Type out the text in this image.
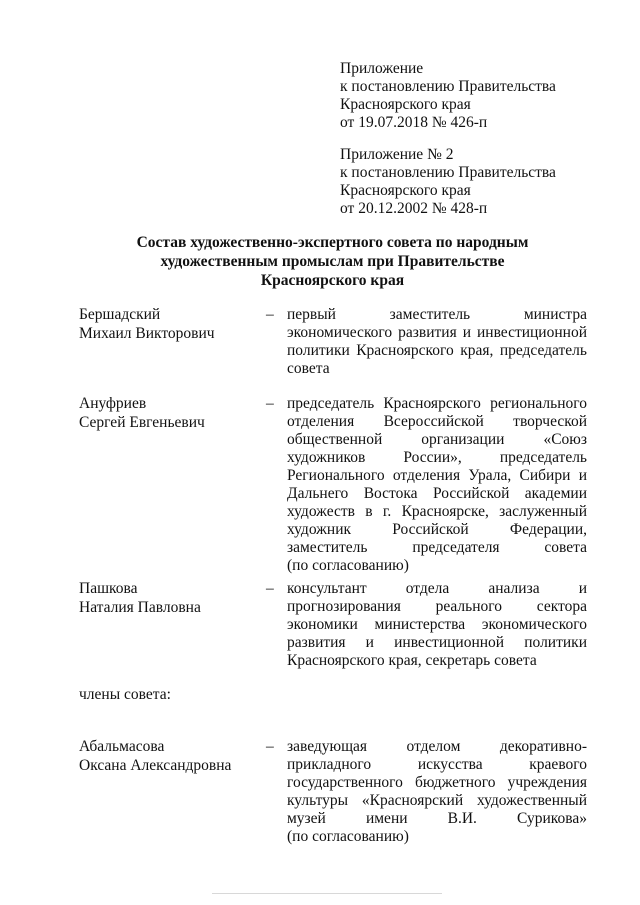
Приложение
к постановлению Правительства
Красноярского края
от 19.07.2018 № 426-п
Приложение № 2
к постановлению Правительства
Красноярского края
от 20.12.2002 № 428-п
Состав художественно-экспертного совета по народным
художественным промыслам при Правительстве
Красноярского края
Бершадский
Михаил Викторович
– первый заместитель министра
экономического развития и инвестиционной
политики Красноярского края, председатель
совета
Ануфриев
Сергей Евгеньевич
– председатель Красноярского регионального
отделения Всероссийской творческой
общественной организации «Союз
художников России», председатель
Регионального отделения Урала, Сибири и
Дальнего Востока Российской академии
художеств в г. Красноярске, заслуженный
художник Российской Федерации,
заместитель председателя совета
(по согласованию)
Пашкова
Наталия Павловна
– консультант отдела анализа и
прогнозирования реального сектора
экономики министерства экономического
развития и инвестиционной политики
Красноярского края, секретарь совета
члены совета:
Абальмасова
Оксана Александровна
– заведующая отделом декоративно-
прикладного искусства краевого
государственного бюджетного учреждения
культуры «Красноярский художественный
музей имени В.И. Сурикова»
(по согласованию)
